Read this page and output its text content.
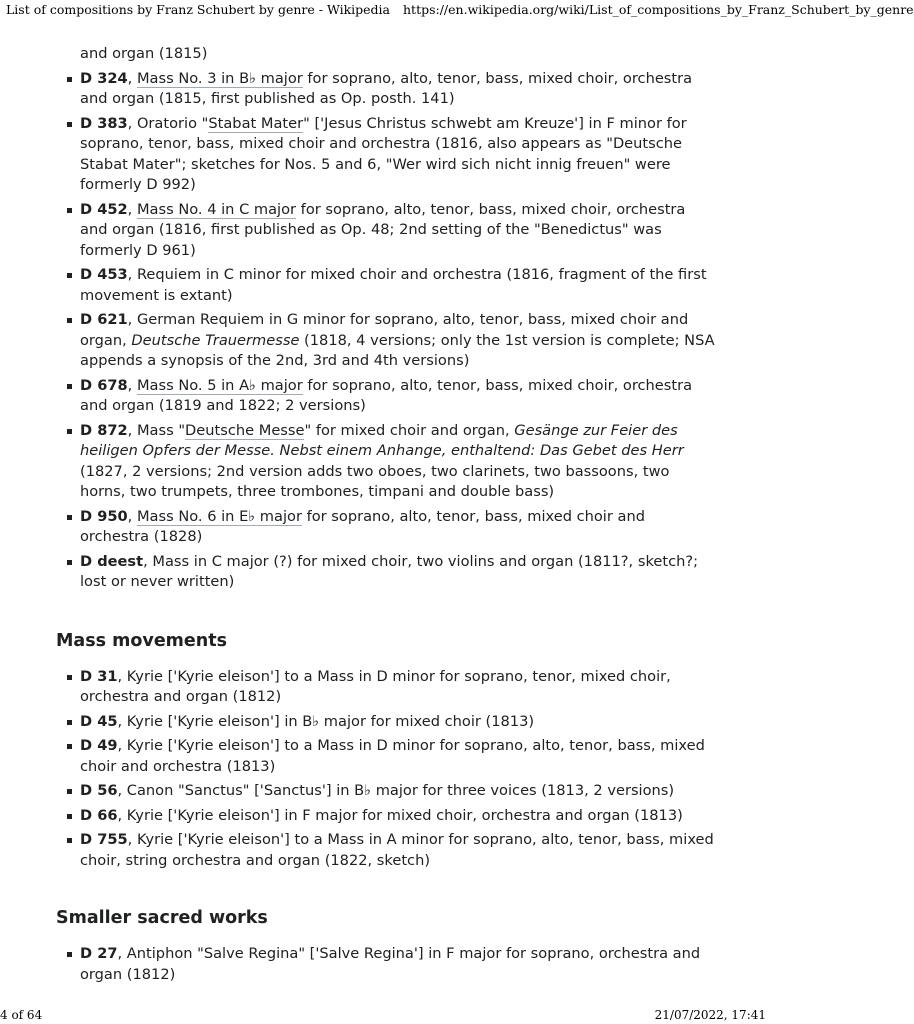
List of compositions by Franz Schubert by genre - Wikipedia https://en.wikipedia.org/wiki/List_of_compositions_by_Franz_Schubert_by_genre
and organ (1815)
D 324, Mass No. 3 in B♭ major for soprano, alto, tenor, bass, mixed choir, orchestra and organ (1815, ﬁrst published as Op. posth. 141)
D 383, Oratorio "Stabat Mater" ['Jesus Christus schwebt am Kreuze'] in F minor for soprano, tenor, bass, mixed choir and orchestra (1816, also appears as "Deutsche Stabat Mater"; sketches for Nos. 5 and 6, "Wer wird sich nicht innig freuen" were formerly D 992)
D 452, Mass No. 4 in C major for soprano, alto, tenor, bass, mixed choir, orchestra and organ (1816, ﬁrst published as Op. 48; 2nd setting of the "Benedictus" was formerly D 961)
D 453, Requiem in C minor for mixed choir and orchestra (1816, fragment of the ﬁrst movement is extant)
D 621, German Requiem in G minor for soprano, alto, tenor, bass, mixed choir and organ, Deutsche Trauermesse (1818, 4 versions; only the 1st version is complete; NSA appends a synopsis of the 2nd, 3rd and 4th versions)
D 678, Mass No. 5 in A♭ major for soprano, alto, tenor, bass, mixed choir, orchestra and organ (1819 and 1822; 2 versions)
D 872, Mass "Deutsche Messe" for mixed choir and organ, Gesänge zur Feier des heiligen Opfers der Messe. Nebst einem Anhange, enthaltend: Das Gebet des Herr (1827, 2 versions; 2nd version adds two oboes, two clarinets, two bassoons, two horns, two trumpets, three trombones, timpani and double bass)
D 950, Mass No. 6 in E♭ major for soprano, alto, tenor, bass, mixed choir and orchestra (1828)
D deest, Mass in C major (?) for mixed choir, two violins and organ (1811?, sketch?; lost or never written)
Mass movements
D 31, Kyrie ['Kyrie eleison'] to a Mass in D minor for soprano, tenor, mixed choir, orchestra and organ (1812)
D 45, Kyrie ['Kyrie eleison'] in B♭ major for mixed choir (1813)
D 49, Kyrie ['Kyrie eleison'] to a Mass in D minor for soprano, alto, tenor, bass, mixed choir and orchestra (1813)
D 56, Canon "Sanctus" ['Sanctus'] in B♭ major for three voices (1813, 2 versions)
D 66, Kyrie ['Kyrie eleison'] in F major for mixed choir, orchestra and organ (1813)
D 755, Kyrie ['Kyrie eleison'] to a Mass in A minor for soprano, alto, tenor, bass, mixed choir, string orchestra and organ (1822, sketch)
Smaller sacred works
D 27, Antiphon "Salve Regina" ['Salve Regina'] in F major for soprano, orchestra and organ (1812)
4 of 64	21/07/2022, 17:41
